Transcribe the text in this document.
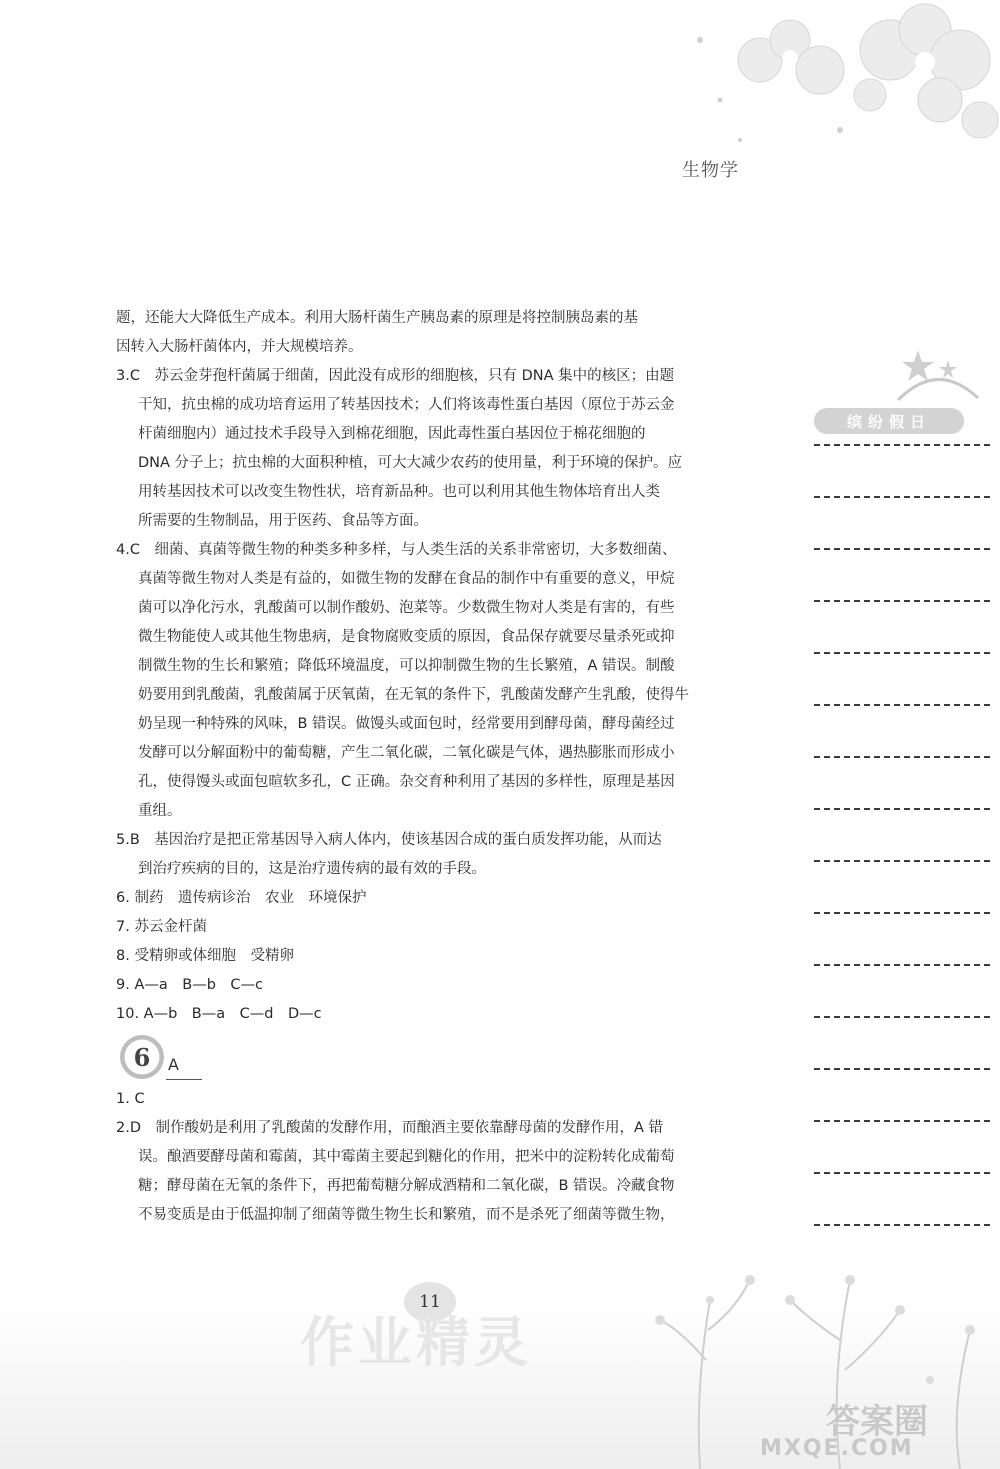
生物学

题，还能大大降低生产成本。利用大肠杆菌生产胰岛素的原理是将控制胰岛素的基

因转入大肠杆菌体内，并大规模培养。

3.C　苏云金芽孢杆菌属于细菌，因此没有成形的细胞核，只有 DNA 集中的核区；由题

干知，抗虫棉的成功培育运用了转基因技术；人们将该毒性蛋白基因（原位于苏云金

杆菌细胞内）通过技术手段导入到棉花细胞，因此毒性蛋白基因位于棉花细胞的

DNA 分子上；抗虫棉的大面积种植，可大大减少农药的使用量，利于环境的保护。应

用转基因技术可以改变生物性状，培育新品种。也可以利用其他生物体培育出人类

所需要的生物制品，用于医药、食品等方面。

4.C　细菌、真菌等微生物的种类多种多样，与人类生活的关系非常密切，大多数细菌、

真菌等微生物对人类是有益的，如微生物的发酵在食品的制作中有重要的意义，甲烷

菌可以净化污水，乳酸菌可以制作酸奶、泡菜等。少数微生物对人类是有害的，有些

微生物能使人或其他生物患病，是食物腐败变质的原因，食品保存就要尽量杀死或抑

制微生物的生长和繁殖；降低环境温度，可以抑制微生物的生长繁殖，A 错误。制酸

奶要用到乳酸菌，乳酸菌属于厌氧菌，在无氧的条件下，乳酸菌发酵产生乳酸，使得牛

奶呈现一种特殊的风味，B 错误。做馒头或面包时，经常要用到酵母菌，酵母菌经过

发酵可以分解面粉中的葡萄糖，产生二氧化碳，二氧化碳是气体，遇热膨胀而形成小

孔，使得馒头或面包暄软多孔，C 正确。杂交育种利用了基因的多样性，原理是基因

重组。

5.B　基因治疗是把正常基因导入病人体内，使该基因合成的蛋白质发挥功能，从而达

到治疗疾病的目的，这是治疗遗传病的最有效的手段。

6. 制药　遗传病诊治　农业　环境保护

7. 苏云金杆菌

8. 受精卵或体细胞　受精卵

9. A—a　B—b　C—c

10. A—b　B—a　C—d　D—c

6	A

1. C

2.D　制作酸奶是利用了乳酸菌的发酵作用，而酿酒主要依靠酵母菌的发酵作用，A 错

误。酿酒要酵母菌和霉菌，其中霉菌主要起到糖化的作用，把米中的淀粉转化成葡萄

糖；酵母菌在无氧的条件下，再把葡萄糖分解成酒精和二氧化碳，B 错误。冷藏食物

不易变质是由于低温抑制了细菌等微生物生长和繁殖，而不是杀死了细菌等微生物，

缤纷假日
11
作业精灵
答案圈
MXQE.COM
